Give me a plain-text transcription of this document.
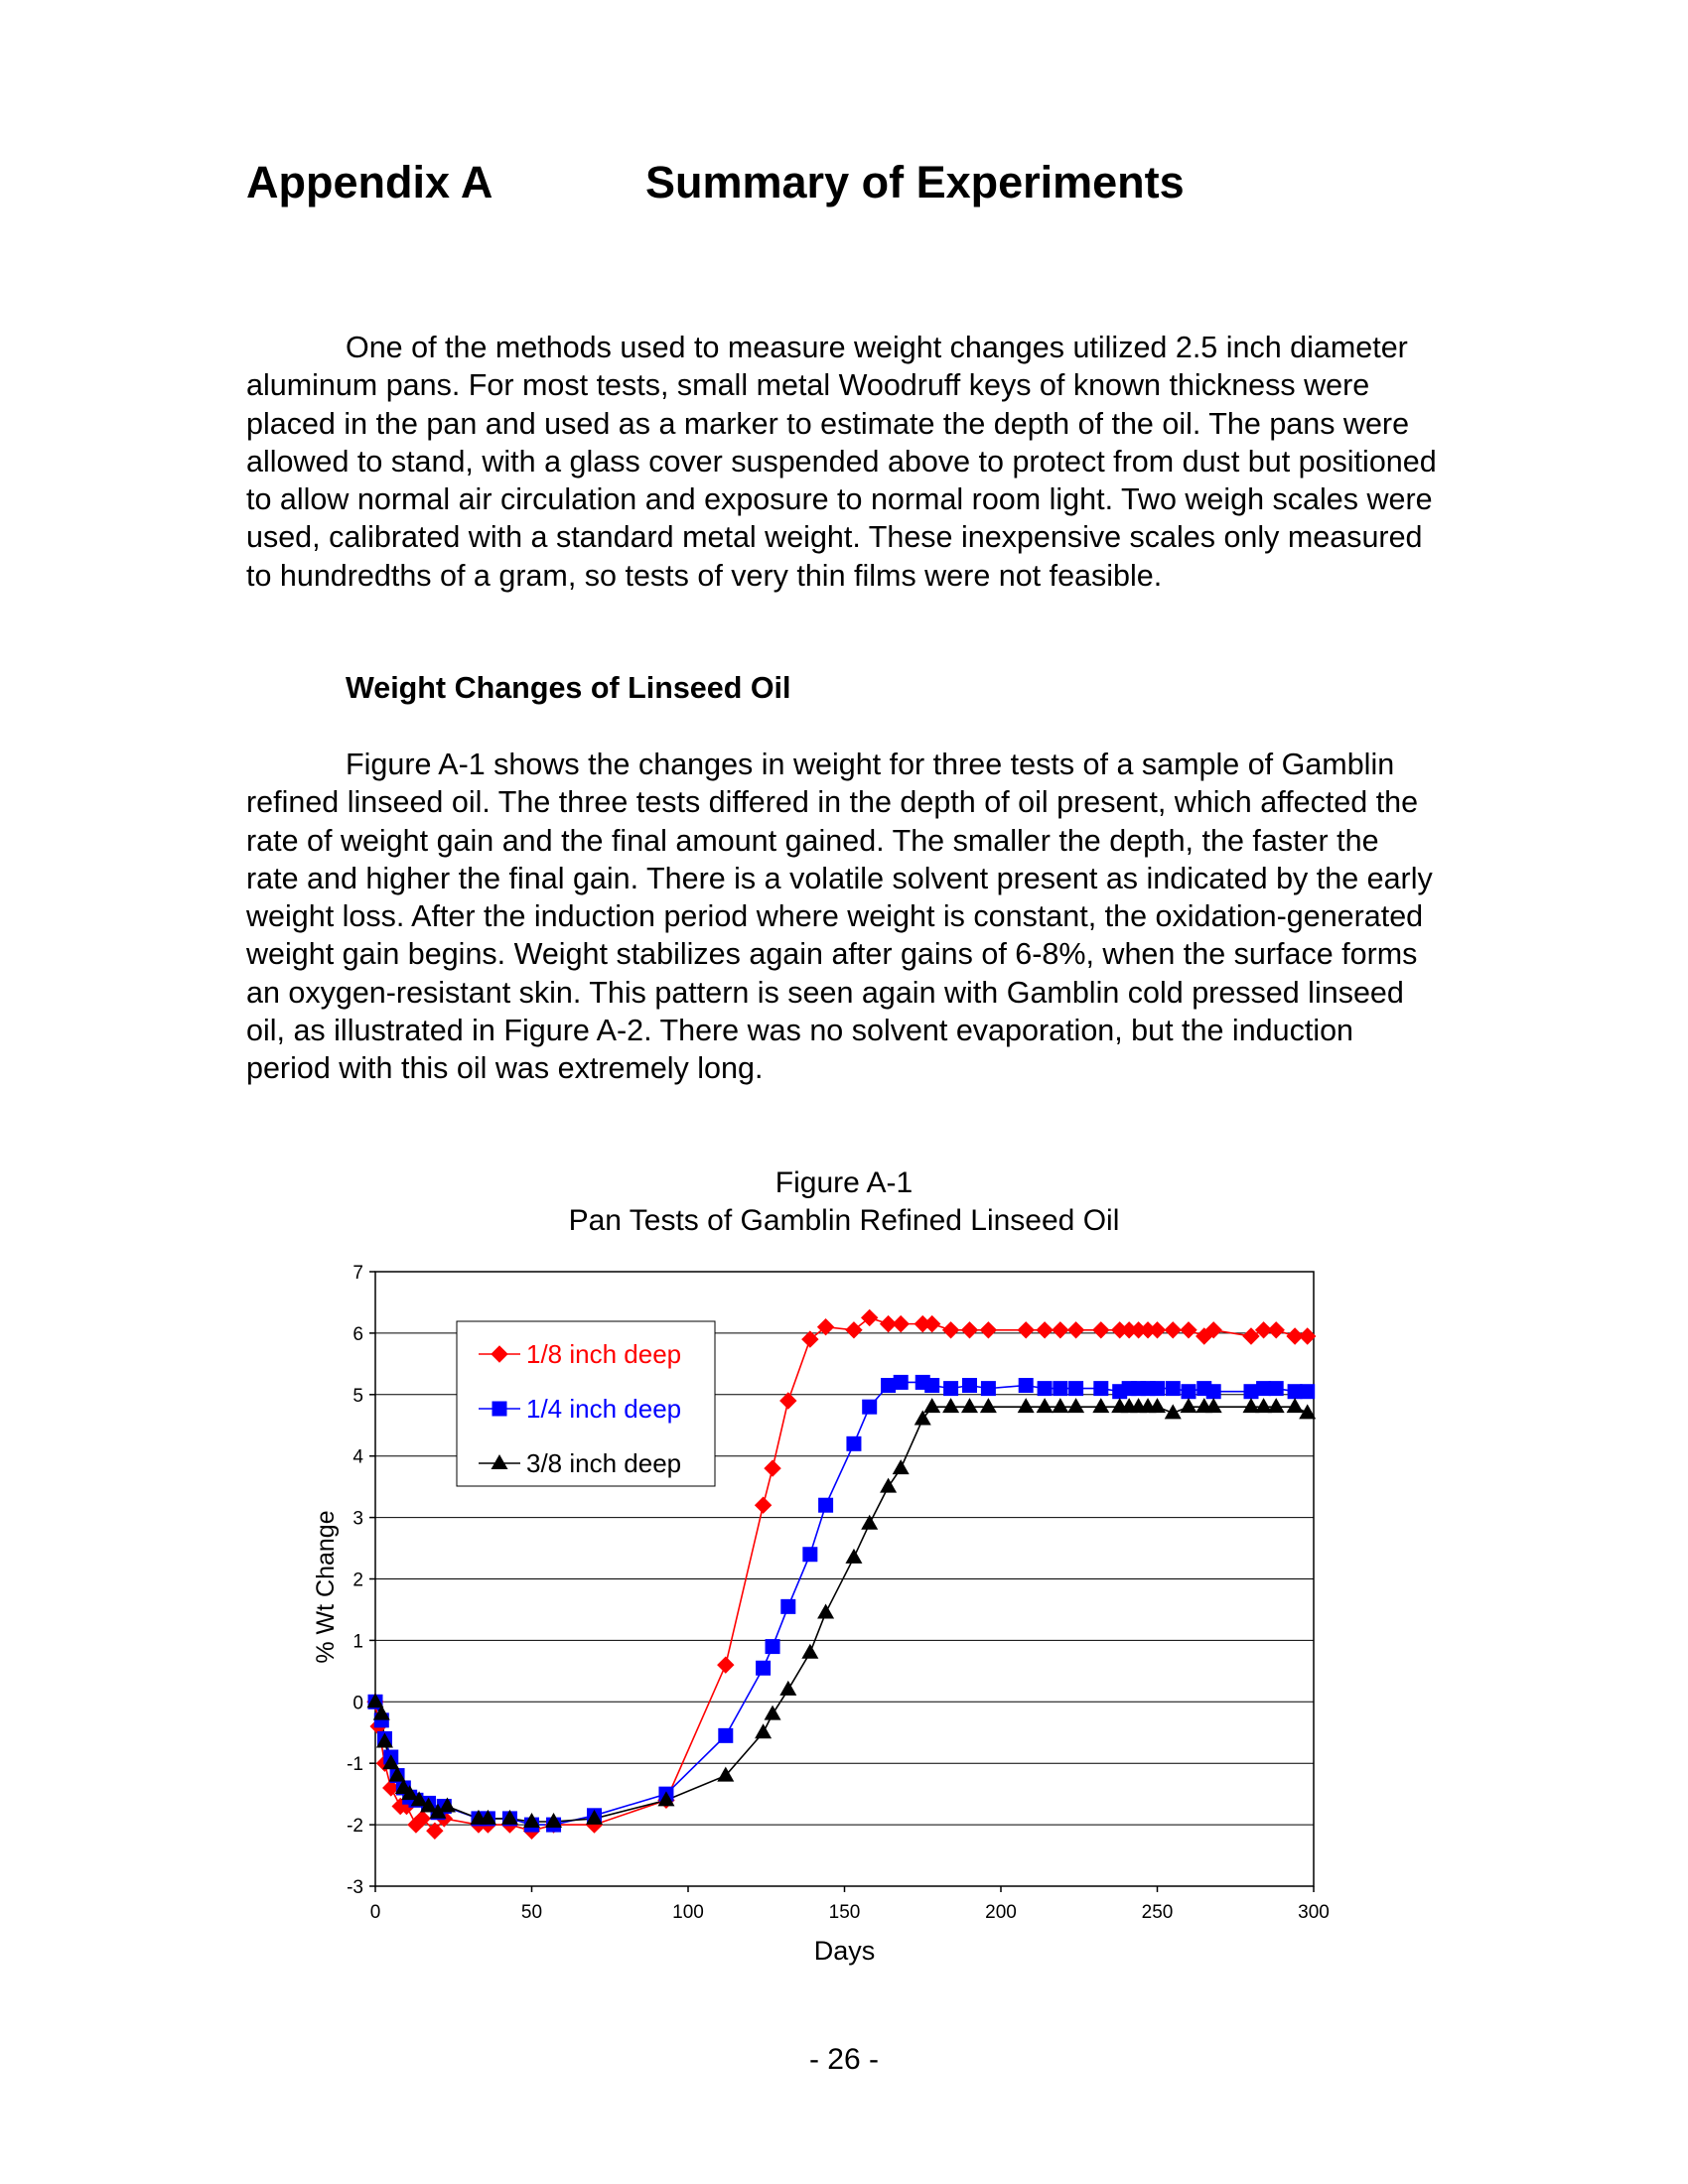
Appendix A	Summary of Experiments

One of the methods used to measure weight changes utilized 2.5 inch diameter aluminum pans. For most tests, small metal Woodruff keys of known thickness were placed in the pan and used as a marker to estimate the depth of the oil. The pans were allowed to stand, with a glass cover suspended above to protect from dust but positioned to allow normal air circulation and exposure to normal room light. Two weigh scales were used, calibrated with a standard metal weight. These inexpensive scales only measured to hundredths of a gram, so tests of very thin films were not feasible.

Weight Changes of Linseed Oil

Figure A-1 shows the changes in weight for three tests of a sample of Gamblin refined linseed oil. The three tests differed in the depth of oil present, which affected the rate of weight gain and the final amount gained. The smaller the depth, the faster the rate and higher the final gain. There is a volatile solvent present as indicated by the early weight loss. After the induction period where weight is constant, the oxidation-generated weight gain begins. Weight stabilizes again after gains of 6-8%, when the surface forms an oxygen-resistant skin. This pattern is seen again with Gamblin cold pressed linseed oil, as illustrated in Figure A-2. There was no solvent evaporation, but the induction period with this oil was extremely long.

Figure A-1
Pan Tests of Gamblin Refined Linseed Oil
-3
-2
-1
0
1
2
3
4
5
6
7
0	50	100	150	200	250	300
Days
% Wt Change
1/8 inch deep
1/4 inch deep
3/8 inch deep
- 26 -
